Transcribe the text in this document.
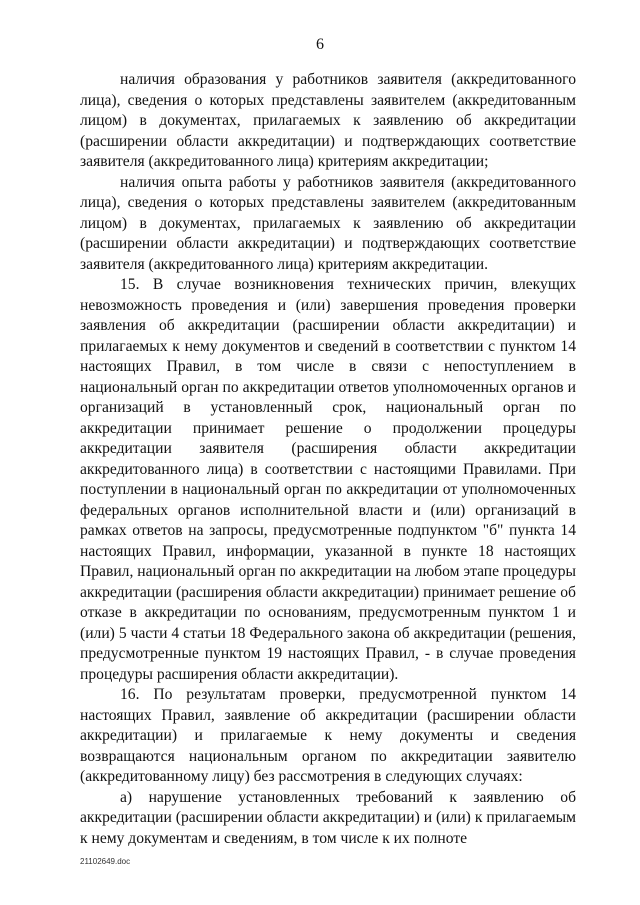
6

наличия образования у работников заявителя (аккредитованного лица), сведения о которых представлены заявителем (аккредитованным лицом) в документах, прилагаемых к заявлению об аккредитации (расширении области аккредитации) и подтверждающих соответствие заявителя (аккредитованного лица) критериям аккредитации;

наличия опыта работы у работников заявителя (аккредитованного лица), сведения о которых представлены заявителем (аккредитованным лицом) в документах, прилагаемых к заявлению об аккредитации (расширении области аккредитации) и подтверждающих соответствие заявителя (аккредитованного лица) критериям аккредитации.

15. В случае возникновения технических причин, влекущих невозможность проведения и (или) завершения проведения проверки заявления об аккредитации (расширении области аккредитации) и прилагаемых к нему документов и сведений в соответствии с пунктом 14 настоящих Правил, в том числе в связи с непоступлением в национальный орган по аккредитации ответов уполномоченных органов и организаций в установленный срок, национальный орган по аккредитации принимает решение о продолжении процедуры аккредитации заявителя (расширения области аккредитации аккредитованного лица) в соответствии с настоящими Правилами. При поступлении в национальный орган по аккредитации от уполномоченных федеральных органов исполнительной власти и (или) организаций в рамках ответов на запросы, предусмотренные подпунктом "б" пункта 14 настоящих Правил, информации, указанной в пункте 18 настоящих Правил, национальный орган по аккредитации на любом этапе процедуры аккредитации (расширения области аккредитации) принимает решение об отказе в аккредитации по основаниям, предусмотренным пунктом 1 и (или) 5 части 4 статьи 18 Федерального закона об аккредитации (решения, предусмотренные пунктом 19 настоящих Правил, - в случае проведения процедуры расширения области аккредитации).

16. По результатам проверки, предусмотренной пунктом 14 настоящих Правил, заявление об аккредитации (расширении области аккредитации) и прилагаемые к нему документы и сведения возвращаются национальным органом по аккредитации заявителю (аккредитованному лицу) без рассмотрения в следующих случаях:

а) нарушение установленных требований к заявлению об аккредитации (расширении области аккредитации) и (или) к прилагаемым к нему документам и сведениям, в том числе к их полноте

21102649.doc
